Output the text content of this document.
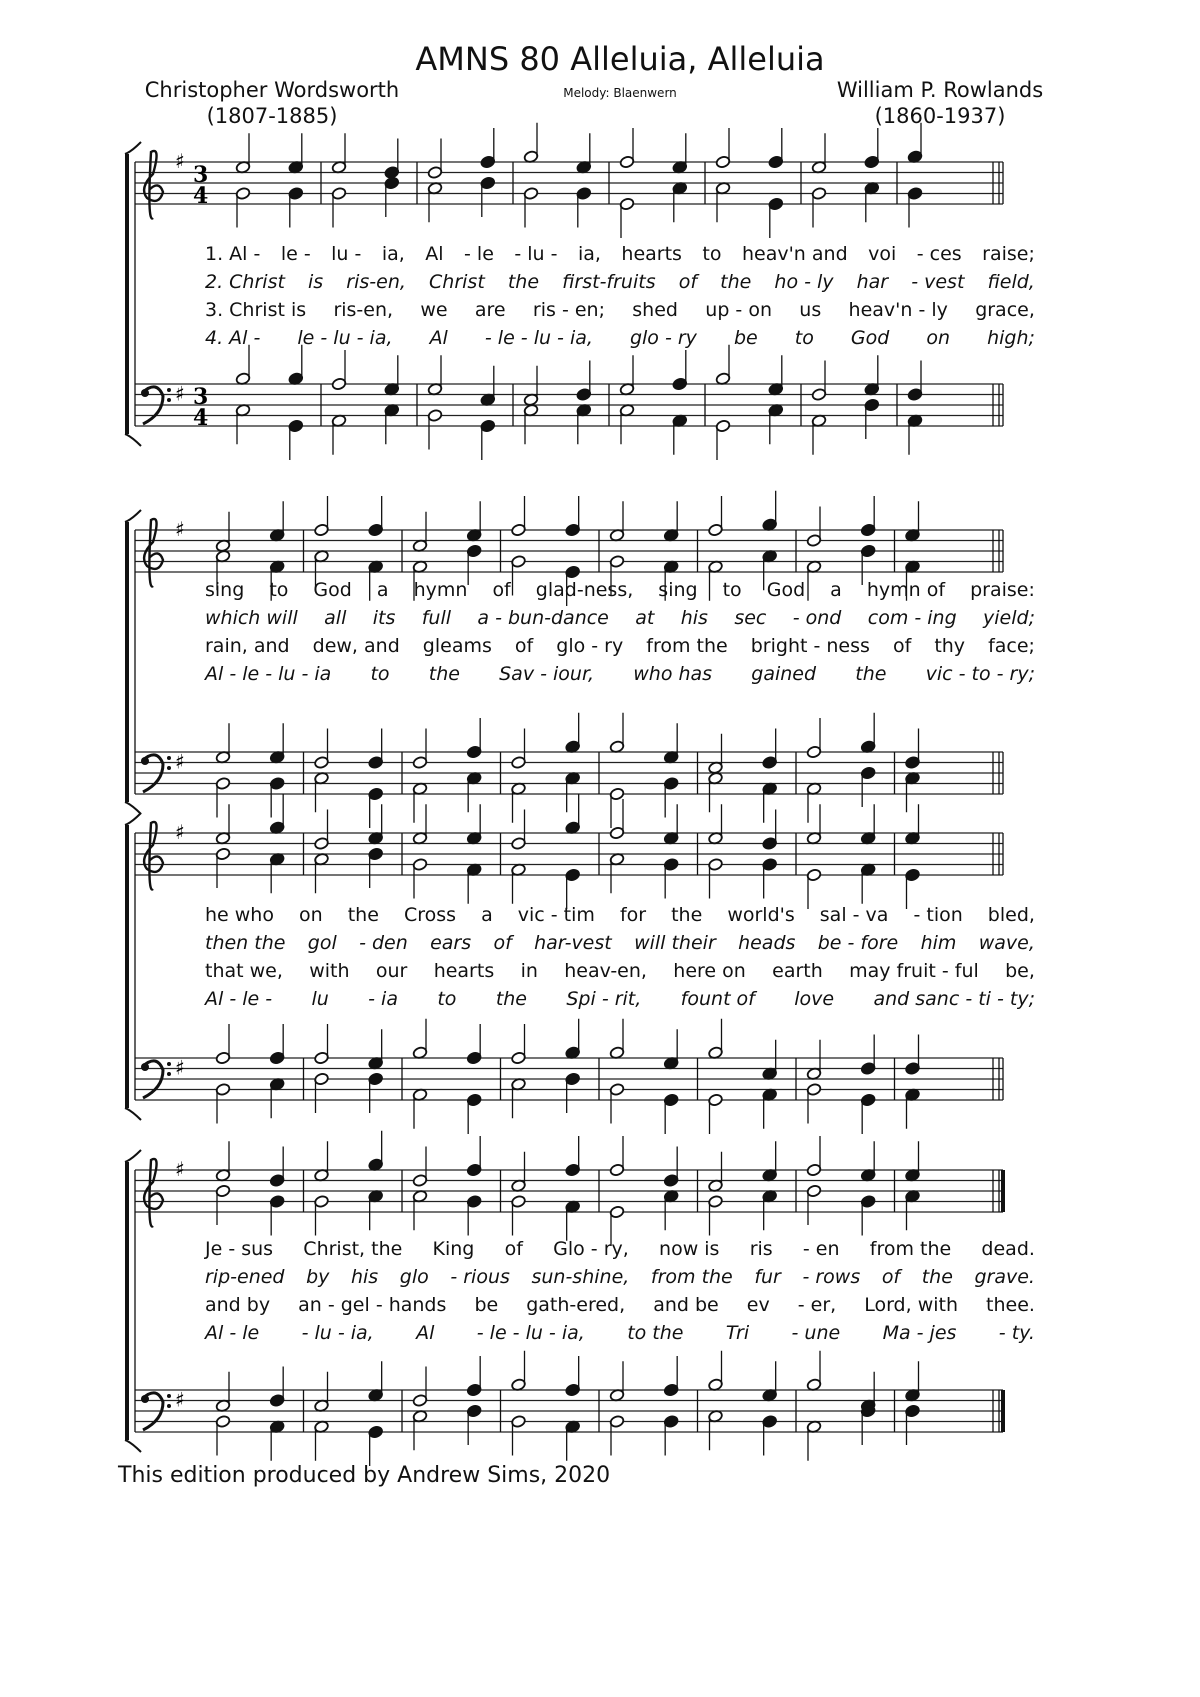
♯
3
4
♯ 3
4
♯
♯
♯
♯
♯
♯
AMNS 80 Alleluia, Alleluia
Melody: Blaenwern
Christopher Wordsworth
(1807-1885)
William P. Rowlands
(1860-1937)
1. Al - le - lu - ia, Al - le - lu - ia, hearts to heav'n and voi - ces raise;
2. Christ is ris-en, Christ the first-fruits of the ho - ly har - vest field,
3. Christ is ris-en, we are ris - en; shed up - on us heav'n - ly grace,
4. Al - le - lu - ia, Al - le - lu - ia, glo - ry be to God on high;
sing to God a hymn of glad-ness, sing to God a hymn of praise:
which will all its full a - bun-dance at his sec - ond com - ing yield;
rain, and dew, and gleams of glo - ry from the bright - ness of thy face;
Al - le - lu - ia to the Sav - iour, who has gained the vic - to - ry;
he who on the Cross a vic - tim for the world's sal - va - tion bled,
then the gol - den ears of har-vest will their heads be - fore him wave,
that we, with our hearts in heav-en, here on earth may fruit - ful be,
Al - le - lu - ia to the Spi - rit, fount of love and sanc - ti - ty;
Je - sus Christ, the King of Glo - ry, now is ris - en from the dead.
rip-ened by his glo - rious sun-shine, from the fur - rows of the grave.
and by an - gel - hands be gath-ered, and be ev - er, Lord, with thee.
Al - le - lu - ia, Al - le - lu - ia, to the Tri - une Ma - jes - ty.
This edition produced by Andrew Sims, 2020
